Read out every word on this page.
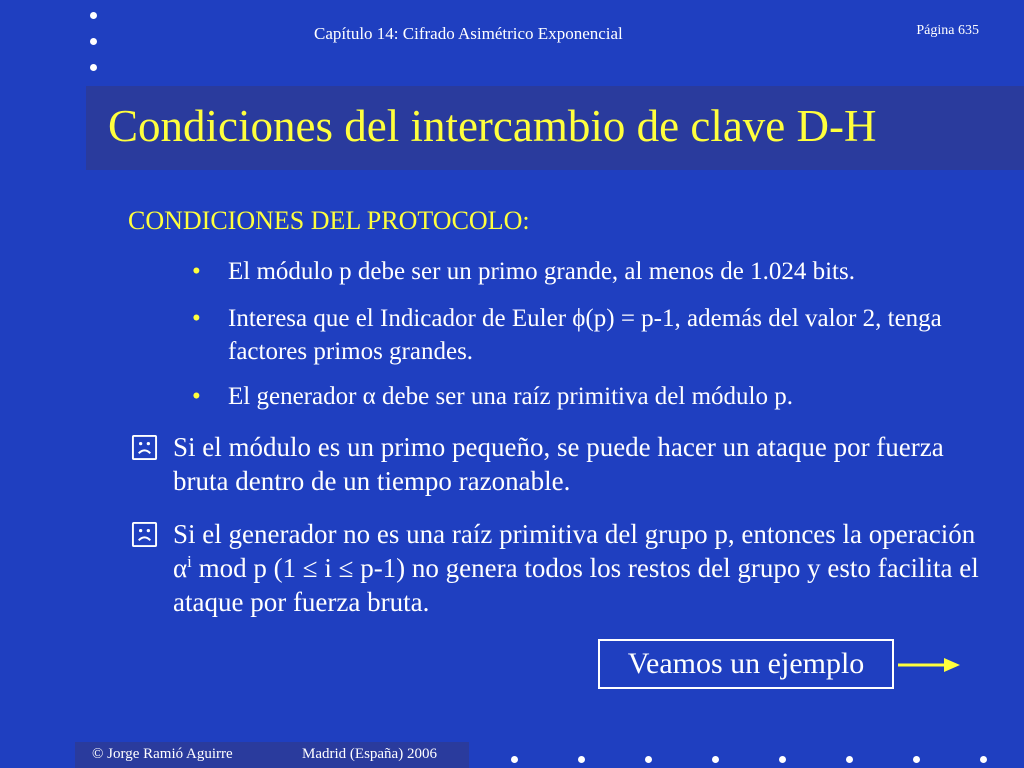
Capítulo 14: Cifrado Asimétrico Exponencial	Página 635
Condiciones del intercambio de clave D-H
CONDICIONES DEL PROTOCOLO:
•	El módulo p debe ser un primo grande, al menos de 1.024 bits.
•	Interesa que el Indicador de Euler ϕ(p) = p-1, además del valor 2, tenga factores primos grandes.
•	El generador α debe ser una raíz primitiva del módulo p.
Si el módulo es un primo pequeño, se puede hacer un ataque por fuerza bruta dentro de un tiempo razonable.
Si el generador no es una raíz primitiva del grupo p, entonces la operación $\alpha^i$ mod p (1 ≤ i ≤ p-1) no genera todos los restos del grupo y esto facilita el ataque por fuerza bruta.
Veamos un ejemplo
© Jorge Ramió Aguirre	Madrid (España) 2006
